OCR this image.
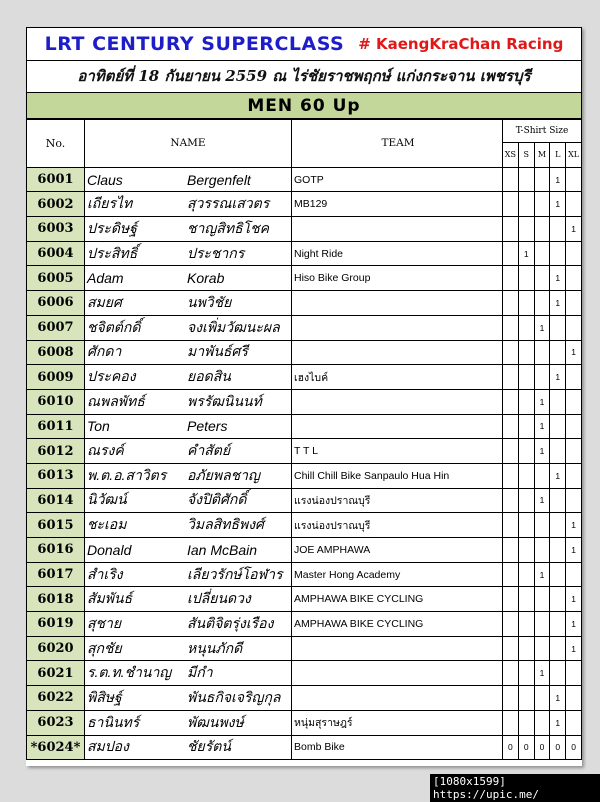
LRT CENTURY SUPERCLASS # KaengKraChan Racing
อาทิตย์ที่ 18 กันยายน 2559 ณ ไร่ชัยราชพฤกษ์ แก่งกระจาน เพชรบุรี
MEN 60 Up
No.	NAME	TEAM	T-Shirt Size				
			XS	S	M	L	XL
6001	Claus Bergenfelt	GOTP				1	
6002	เถียรไท สุวรรณเสวตร	MB129				1	
6003	ประดิษฐ์ ชาญสิทธิโชค						1
6004	ประสิทธิ์ ประชากร	Night Ride		1			
6005	Adam Korab	Hiso Bike Group				1	
6006	สมยศ นพวิชัย					1	
6007	ชจิตต์กดิ์ จงเพิ่มวัฒนะผล				1		
6008	ศักดา มาพันธ์ศรี						1
6009	ประคอง ยอดสิน	เฮงไบค์				1	
6010	ณพลพัทธ์ พรรัฒนินนท์				1		
6011	Ton Peters				1		
6012	ณรงค์ คำสัตย์	T T L			1		
6013	พ.ต.อ.สาวิตร อภัยพลชาญ	Chill Chill Bike Sanpaulo Hua Hin				1	
6014	นิวัฒน์ จังปิติศักดิ์	แรงน่องปราณบุรี			1		
6015	ชะเอม วิมลสิทธิพงศ์	แรงน่องปราณบุรี					1
6016	Donald Ian McBain	JOE AMPHAWA					1
6017	สำเริง เลียวรักษ์โอฬาร	Master Hong Academy			1		
6018	สัมพันธ์ เปลี่ยนดวง	AMPHAWA BIKE CYCLING					1
6019	สุชาย สันติจิตรุ่งเรือง	AMPHAWA BIKE CYCLING					1
6020	สุกชัย หนุนภักดี						1
6021	ร.ต.ท.ชำนาญ มีกำ				1		
6022	พิสิษฐ์ พันธกิจเจริญกุล					1	
6023	ธานินทร์ พัฒนพงษ์	หนุ่มสุราษฎร์				1	
*6024*	สมปอง ชัยรัตน์	Bomb Bike	0	0	0	0	0
[1080x1599] https://upic.me/
